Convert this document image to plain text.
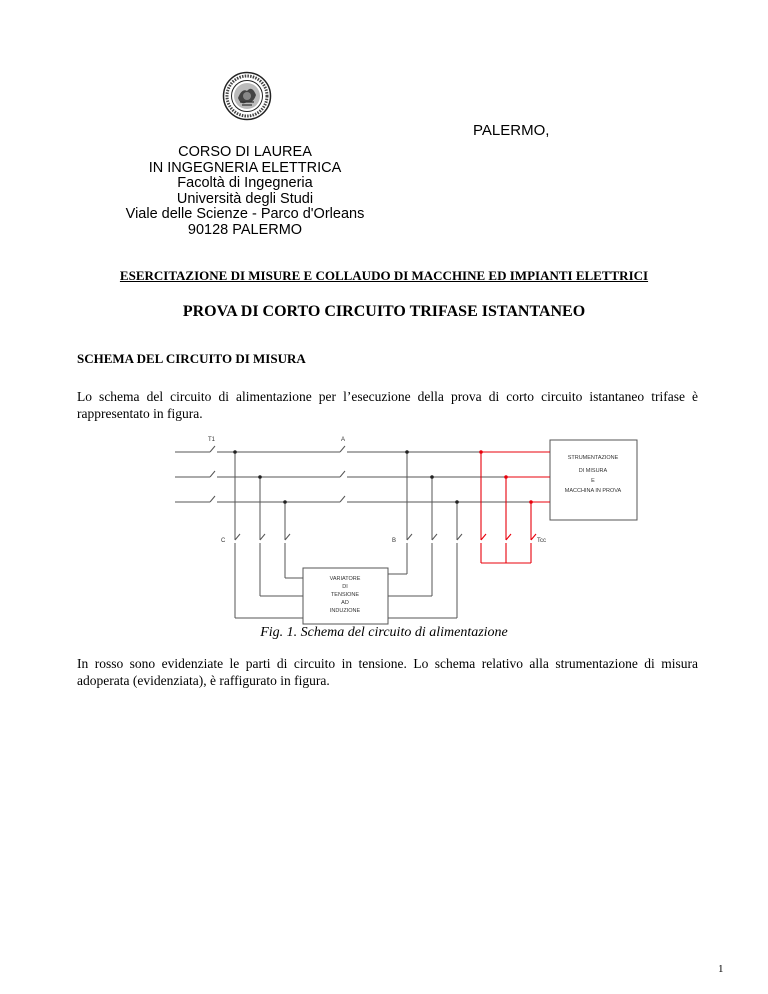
PALERMO,
CORSO DI LAUREA
IN INGEGNERIA ELETTRICA
Facoltà di Ingegneria
Università degli Studi
Viale delle Scienze - Parco d'Orleans
90128 PALERMO
ESERCITAZIONE DI MISURE E COLLAUDO DI MACCHINE ED IMPIANTI ELETTRICI
PROVA DI CORTO CIRCUITO TRIFASE ISTANTANEO
SCHEMA DEL CIRCUITO DI MISURA
Lo schema del circuito di alimentazione per l’esecuzione della prova di corto circuito istantaneo trifase è rappresentato in figura.
T1	A
C	B	Tcc
STRUMENTAZIONE
DI MISURA
E
MACCHINA IN PROVA
VARIATORE
DI
TENSIONE
AD
INDUZIONE
Fig. 1. Schema del circuito di alimentazione
In rosso sono evidenziate le parti di circuito in tensione. Lo schema relativo alla strumentazione di misura adoperata (evidenziata), è raffigurato in figura.
1
